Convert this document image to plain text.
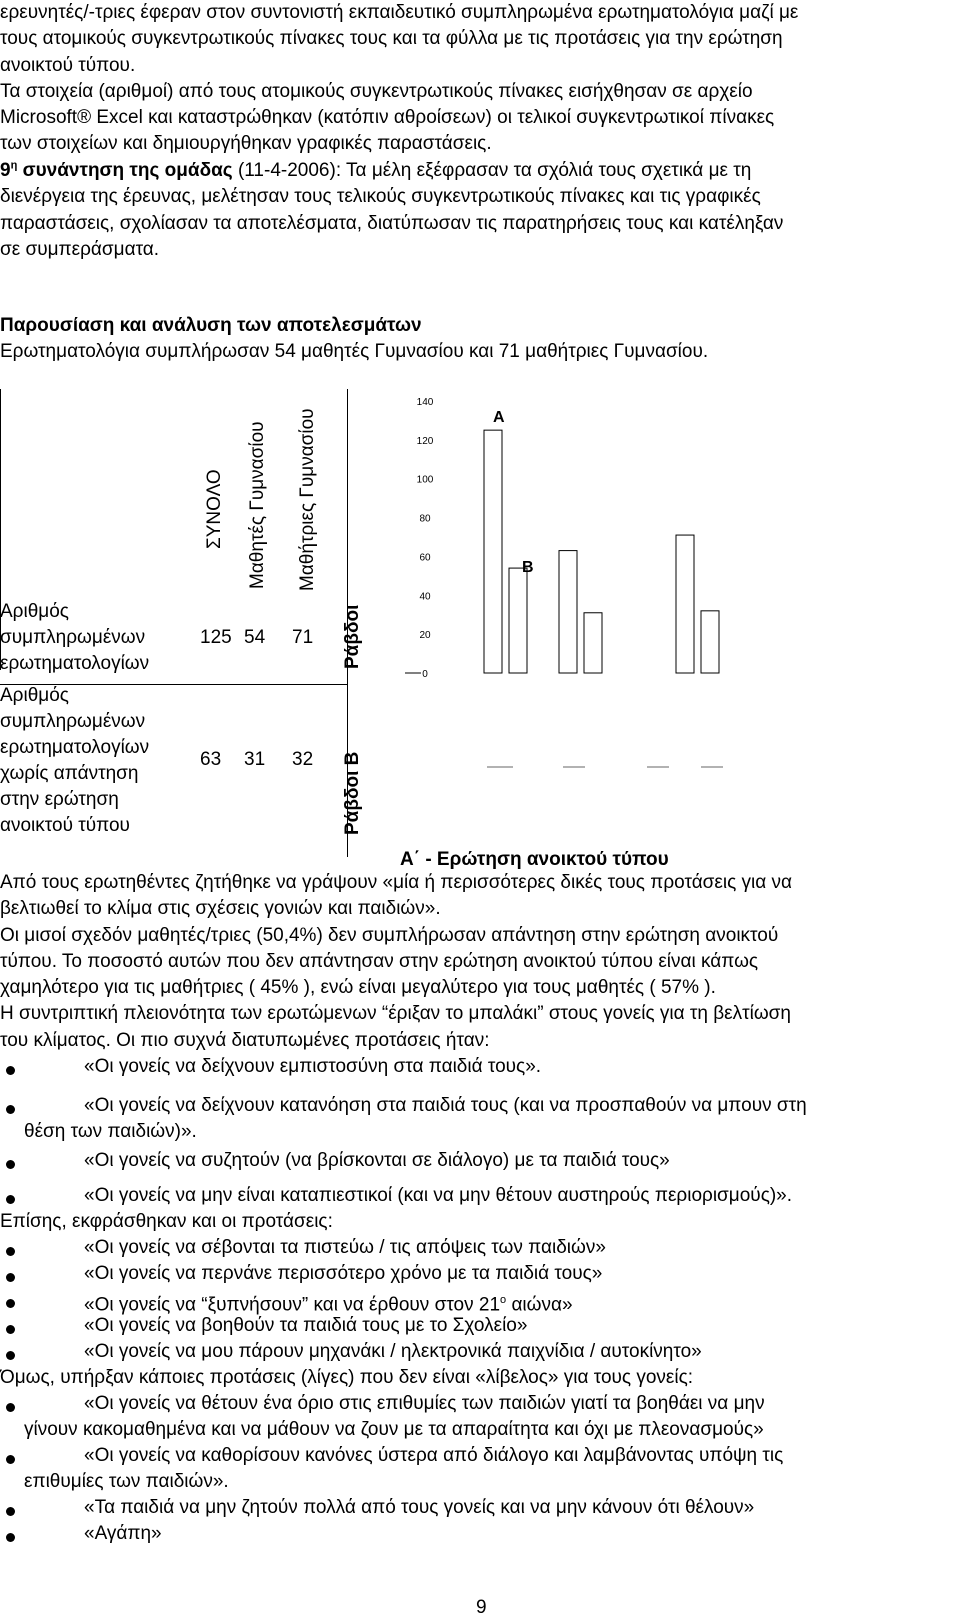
ερευνητές/-τριες έφεραν στον συντονιστή εκπαιδευτικό συμπληρωμένα ερωτηματολόγια μαζί με
τους ατομικούς συγκεντρωτικούς πίνακες τους και τα φύλλα με τις προτάσεις για την ερώτηση
ανοικτού τύπου.
Τα στοιχεία (αριθμοί) από τους ατομικούς συγκεντρωτικούς πίνακες εισήχθησαν σε αρχείο
Microsoft® Excel και καταστρώθηκαν (κατόπιν αθροίσεων) οι τελικοί συγκεντρωτικοί πίνακες
των στοιχείων και δημιουργήθηκαν γραφικές παραστάσεις.
$9^\eta$ συνάντηση της ομάδας (11-4-2006): Τα μέλη εξέφρασαν τα σχόλιά τους σχετικά με τη
διενέργεια της έρευνας, μελέτησαν τους τελικούς συγκεντρωτικούς πίνακες και τις γραφικές
παραστάσεις, σχολίασαν τα αποτελέσματα, διατύπωσαν τις παρατηρήσεις τους και κατέληξαν
σε συμπεράσματα.
Παρουσίαση και ανάλυση των αποτελεσμάτων
Ερωτηματολόγια συμπλήρωσαν 54 μαθητές Γυμνασίου και 71 μαθήτριες Γυμνασίου.
ΣΥΝΟΛΟ Μαθητές Γυμνασίου Μαθήτριες Γυμνασίου
Αριθμός
συμπληρωμένων
ερωτηματολογίων
125 54 71
Αριθμός
συμπληρωμένων
ερωτηματολογίων
χωρίς απάντηση
στην ερώτηση
ανοικτού τύπου
63 31 32
Ράβδοι
Ράβδοι Β
0
20
40
60
80
100
120
140
A
B
Α΄ - Ερώτηση ανοικτού τύπου
Από τους ερωτηθέντες ζητήθηκε να γράψουν «μία ή περισσότερες δικές τους προτάσεις για να
βελτιωθεί το κλίμα στις σχέσεις γονιών και παιδιών».
Οι μισοί σχεδόν μαθητές/τριες (50,4%) δεν συμπλήρωσαν απάντηση στην ερώτηση ανοικτού
τύπου. Το ποσοστό αυτών που δεν απάντησαν στην ερώτηση ανοικτού τύπου είναι κάπως
χαμηλότερο για τις μαθήτριες ( 45% ), ενώ είναι μεγαλύτερο για τους μαθητές ( 57% ).
Η συντριπτική πλειονότητα των ερωτώμενων “έριξαν το μπαλάκι” στους γονείς για τη βελτίωση
του κλίματος. Οι πιο συχνά διατυπωμένες προτάσεις ήταν:
«Οι γονείς να δείχνουν εμπιστοσύνη στα παιδιά τους».
«Οι γονείς να δείχνουν κατανόηση στα παιδιά τους (και να προσπαθούν να μπουν στη
θέση των παιδιών)».
«Οι γονείς να συζητούν (να βρίσκονται σε διάλογο) με τα παιδιά τους»
«Οι γονείς να μην είναι καταπιεστικοί (και να μην θέτουν αυστηρούς περιορισμούς)».
Επίσης, εκφράσθηκαν και οι προτάσεις:
«Οι γονείς να σέβονται τα πιστεύω / τις απόψεις των παιδιών»
«Οι γονείς να περνάνε περισσότερο χρόνο με τα παιδιά τους»
«Οι γονείς να “ξυπνήσουν” και να έρθουν στον $21^o$ αιώνα»
«Οι γονείς να βοηθούν τα παιδιά τους με το Σχολείο»
«Οι γονείς να μου πάρουν μηχανάκι / ηλεκτρονικά παιχνίδια / αυτοκίνητο»
Όμως, υπήρξαν κάποιες προτάσεις (λίγες) που δεν είναι «λίβελος» για τους γονείς:
«Οι γονείς να θέτουν ένα όριο στις επιθυμίες των παιδιών γιατί τα βοηθάει να μην
γίνουν κακομαθημένα και να μάθουν να ζουν με τα απαραίτητα και όχι με πλεονασμούς»
«Οι γονείς να καθορίσουν κανόνες ύστερα από διάλογο και λαμβάνοντας υπόψη τις
επιθυμίες των παιδιών».
«Τα παιδιά να μην ζητούν πολλά από τους γονείς και να μην κάνουν ότι θέλουν»
«Αγάπη»
9
